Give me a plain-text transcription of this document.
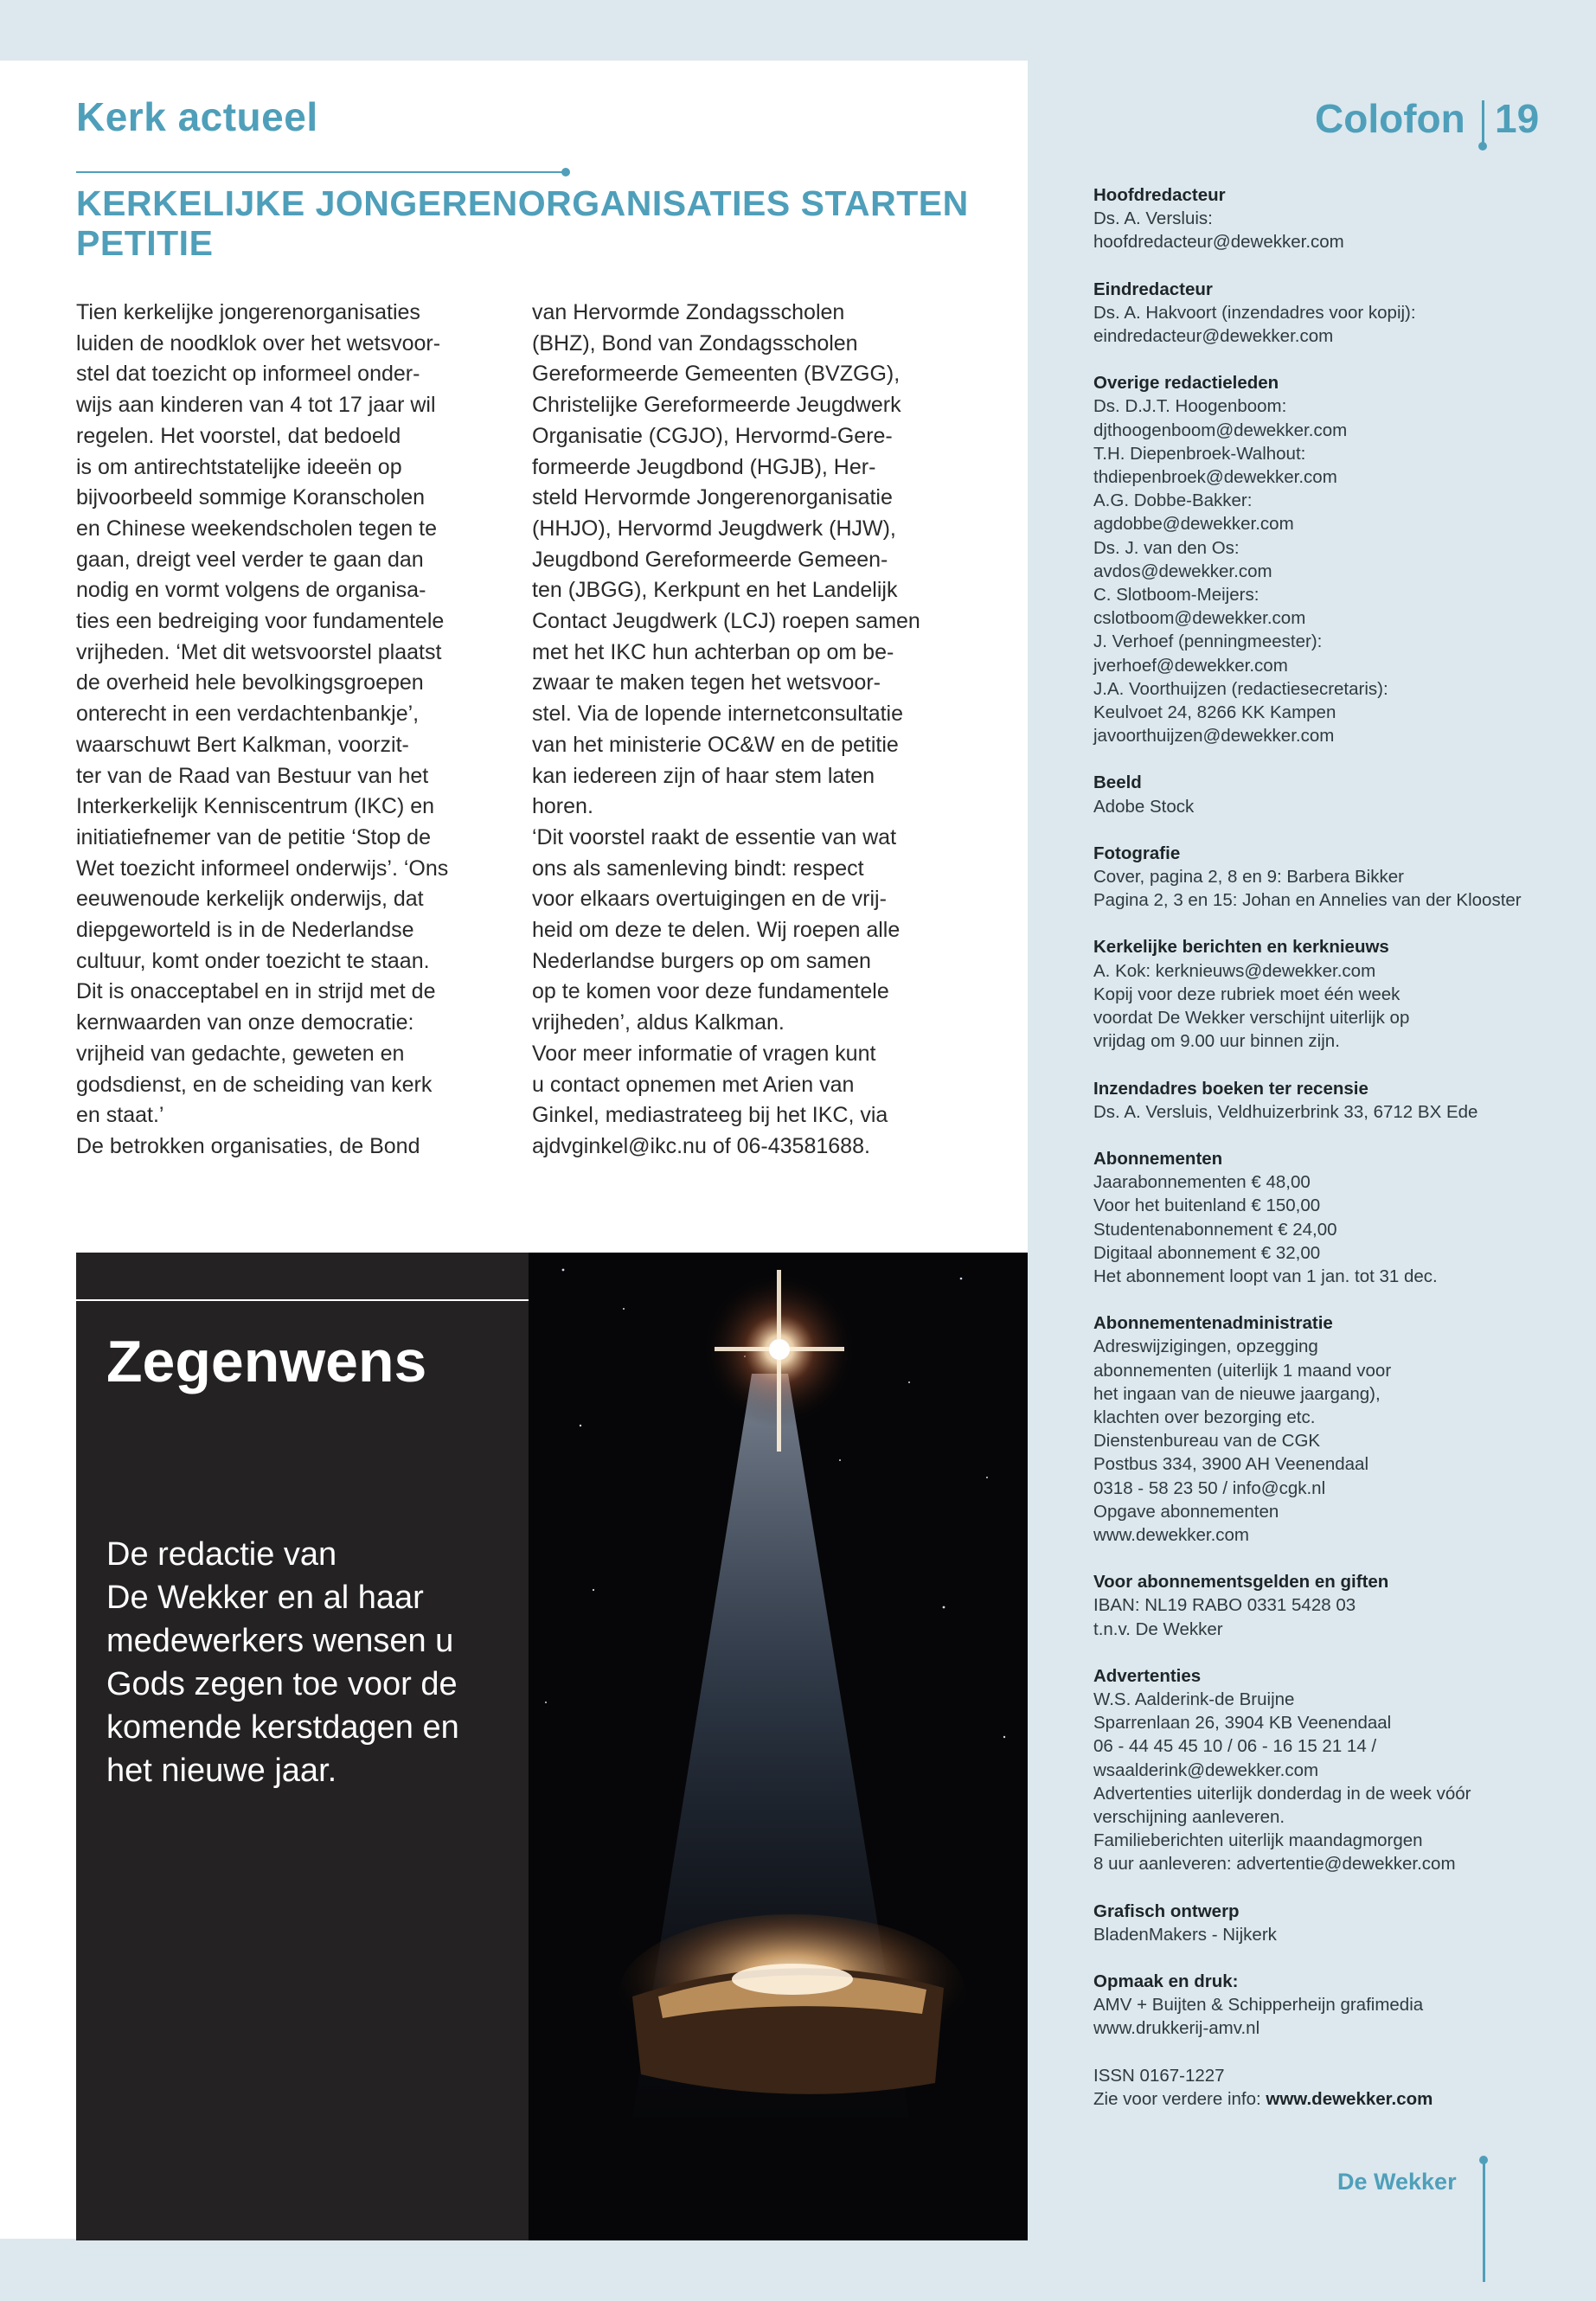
Kerk actueel
KERKELIJKE JONGERENORGANISATIES STARTEN PETITIE

Tien kerkelijke jongerenorganisaties

luiden de noodklok over het wetsvoor-

stel dat toezicht op informeel onder-

wijs aan kinderen van 4 tot 17 jaar wil

regelen. Het voorstel, dat bedoeld

is om antirechtstatelijke ideeën op

bijvoorbeeld sommige Koranscholen

en Chinese weekendscholen tegen te

gaan, dreigt veel verder te gaan dan

nodig en vormt volgens de organisa-

ties een bedreiging voor fundamentele

vrijheden. ‘Met dit wetsvoorstel plaatst

de overheid hele bevolkingsgroepen

onterecht in een verdachtenbankje’,

waarschuwt Bert Kalkman, voorzit-

ter van de Raad van Bestuur van het

Interkerkelijk Kenniscentrum (IKC) en

initiatiefnemer van de petitie ‘Stop de

Wet toezicht informeel onderwijs’. ‘Ons

eeuwenoude kerkelijk onderwijs, dat

diepgeworteld is in de Nederlandse

cultuur, komt onder toezicht te staan.

Dit is onacceptabel en in strijd met de

kernwaarden van onze democratie:

vrijheid van gedachte, geweten en

godsdienst, en de scheiding van kerk

en staat.’

De betrokken organisaties, de Bond

van Hervormde Zondagsscholen

(BHZ), Bond van Zondagsscholen

Gereformeerde Gemeenten (BVZGG),

Christelijke Gereformeerde Jeugdwerk

Organisatie (CGJO), Hervormd-Gere-

formeerde Jeugdbond (HGJB), Her-

steld Hervormde Jongerenorganisatie

(HHJO), Hervormd Jeugdwerk (HJW),

Jeugdbond Gereformeerde Gemeen-

ten (JBGG), Kerkpunt en het Landelijk

Contact Jeugdwerk (LCJ) roepen samen

met het IKC hun achterban op om be-

zwaar te maken tegen het wetsvoor-

stel. Via de lopende internetconsultatie

van het ministerie OC&W en de petitie

kan iedereen zijn of haar stem laten

horen.

‘Dit voorstel raakt de essentie van wat

ons als samenleving bindt: respect

voor elkaars overtuigingen en de vrij-

heid om deze te delen. Wij roepen alle

Nederlandse burgers op om samen

op te komen voor deze fundamentele

vrijheden’, aldus Kalkman.

Voor meer informatie of vragen kunt

u contact opnemen met Arien van

Ginkel, mediastrateeg bij het IKC, via

ajdvginkel@ikc.nu of 06-43581688.

Zegenwens

De redactie van
De Wekker en al haar
medewerkers wensen u
Gods zegen toe voor de
komende kerstdagen en
het nieuwe jaar.

Colofon 19
Hoofdredacteur
Ds. A. Versluis:
hoofdredacteur@dewekker.com
Eindredacteur
Ds. A. Hakvoort (inzendadres voor kopij):
eindredacteur@dewekker.com
Overige redactieleden
Ds. D.J.T. Hoogenboom:
djthoogenboom@dewekker.com
T.H. Diepenbroek-Walhout:
thdiepenbroek@dewekker.com
A.G. Dobbe-Bakker:
agdobbe@dewekker.com
Ds. J. van den Os:
avdos@dewekker.com
C. Slotboom-Meijers:
cslotboom@dewekker.com
J. Verhoef (penningmeester):
jverhoef@dewekker.com
J.A. Voorthuijzen (redactiesecretaris):
Keulvoet 24, 8266 KK Kampen
javoorthuijzen@dewekker.com
Beeld
Adobe Stock
Fotografie
Cover, pagina 2, 8 en 9: Barbera Bikker
Pagina 2, 3 en 15: Johan en Annelies van der Klooster
Kerkelijke berichten en kerknieuws
A. Kok: kerknieuws@dewekker.com
Kopij voor deze rubriek moet één week
voordat De Wekker verschijnt uiterlijk op
vrijdag om 9.00 uur binnen zijn.
Inzendadres boeken ter recensie
Ds. A. Versluis, Veldhuizerbrink 33, 6712 BX Ede
Abonnementen
Jaarabonnementen € 48,00
Voor het buitenland € 150,00
Studentenabonnement € 24,00
Digitaal abonnement € 32,00
Het abonnement loopt van 1 jan. tot 31 dec.
Abonnementenadministratie
Adreswijzigingen, opzegging
abonnementen (uiterlijk 1 maand voor
het ingaan van de nieuwe jaargang),
klachten over bezorging etc.
Dienstenbureau van de CGK
Postbus 334, 3900 AH Veenendaal
0318 - 58 23 50 / info@cgk.nl
Opgave abonnementen
www.dewekker.com
Voor abonnementsgelden en giften
IBAN: NL19 RABO 0331 5428 03
t.n.v. De Wekker
Advertenties
W.S. Aalderink-de Bruijne
Sparrenlaan 26, 3904 KB Veenendaal
06 - 44 45 45 10 / 06 - 16 15 21 14 /
wsaalderink@dewekker.com
Advertenties uiterlijk donderdag in de week vóór
verschijning aanleveren.
Familieberichten uiterlijk maandagmorgen
8 uur aanleveren: advertentie@dewekker.com
Grafisch ontwerp
BladenMakers - Nijkerk
Opmaak en druk:
AMV + Buijten & Schipperheijn grafimedia
www.drukkerij-amv.nl
ISSN 0167-1227
Zie voor verdere info: www.dewekker.com
De Wekker
